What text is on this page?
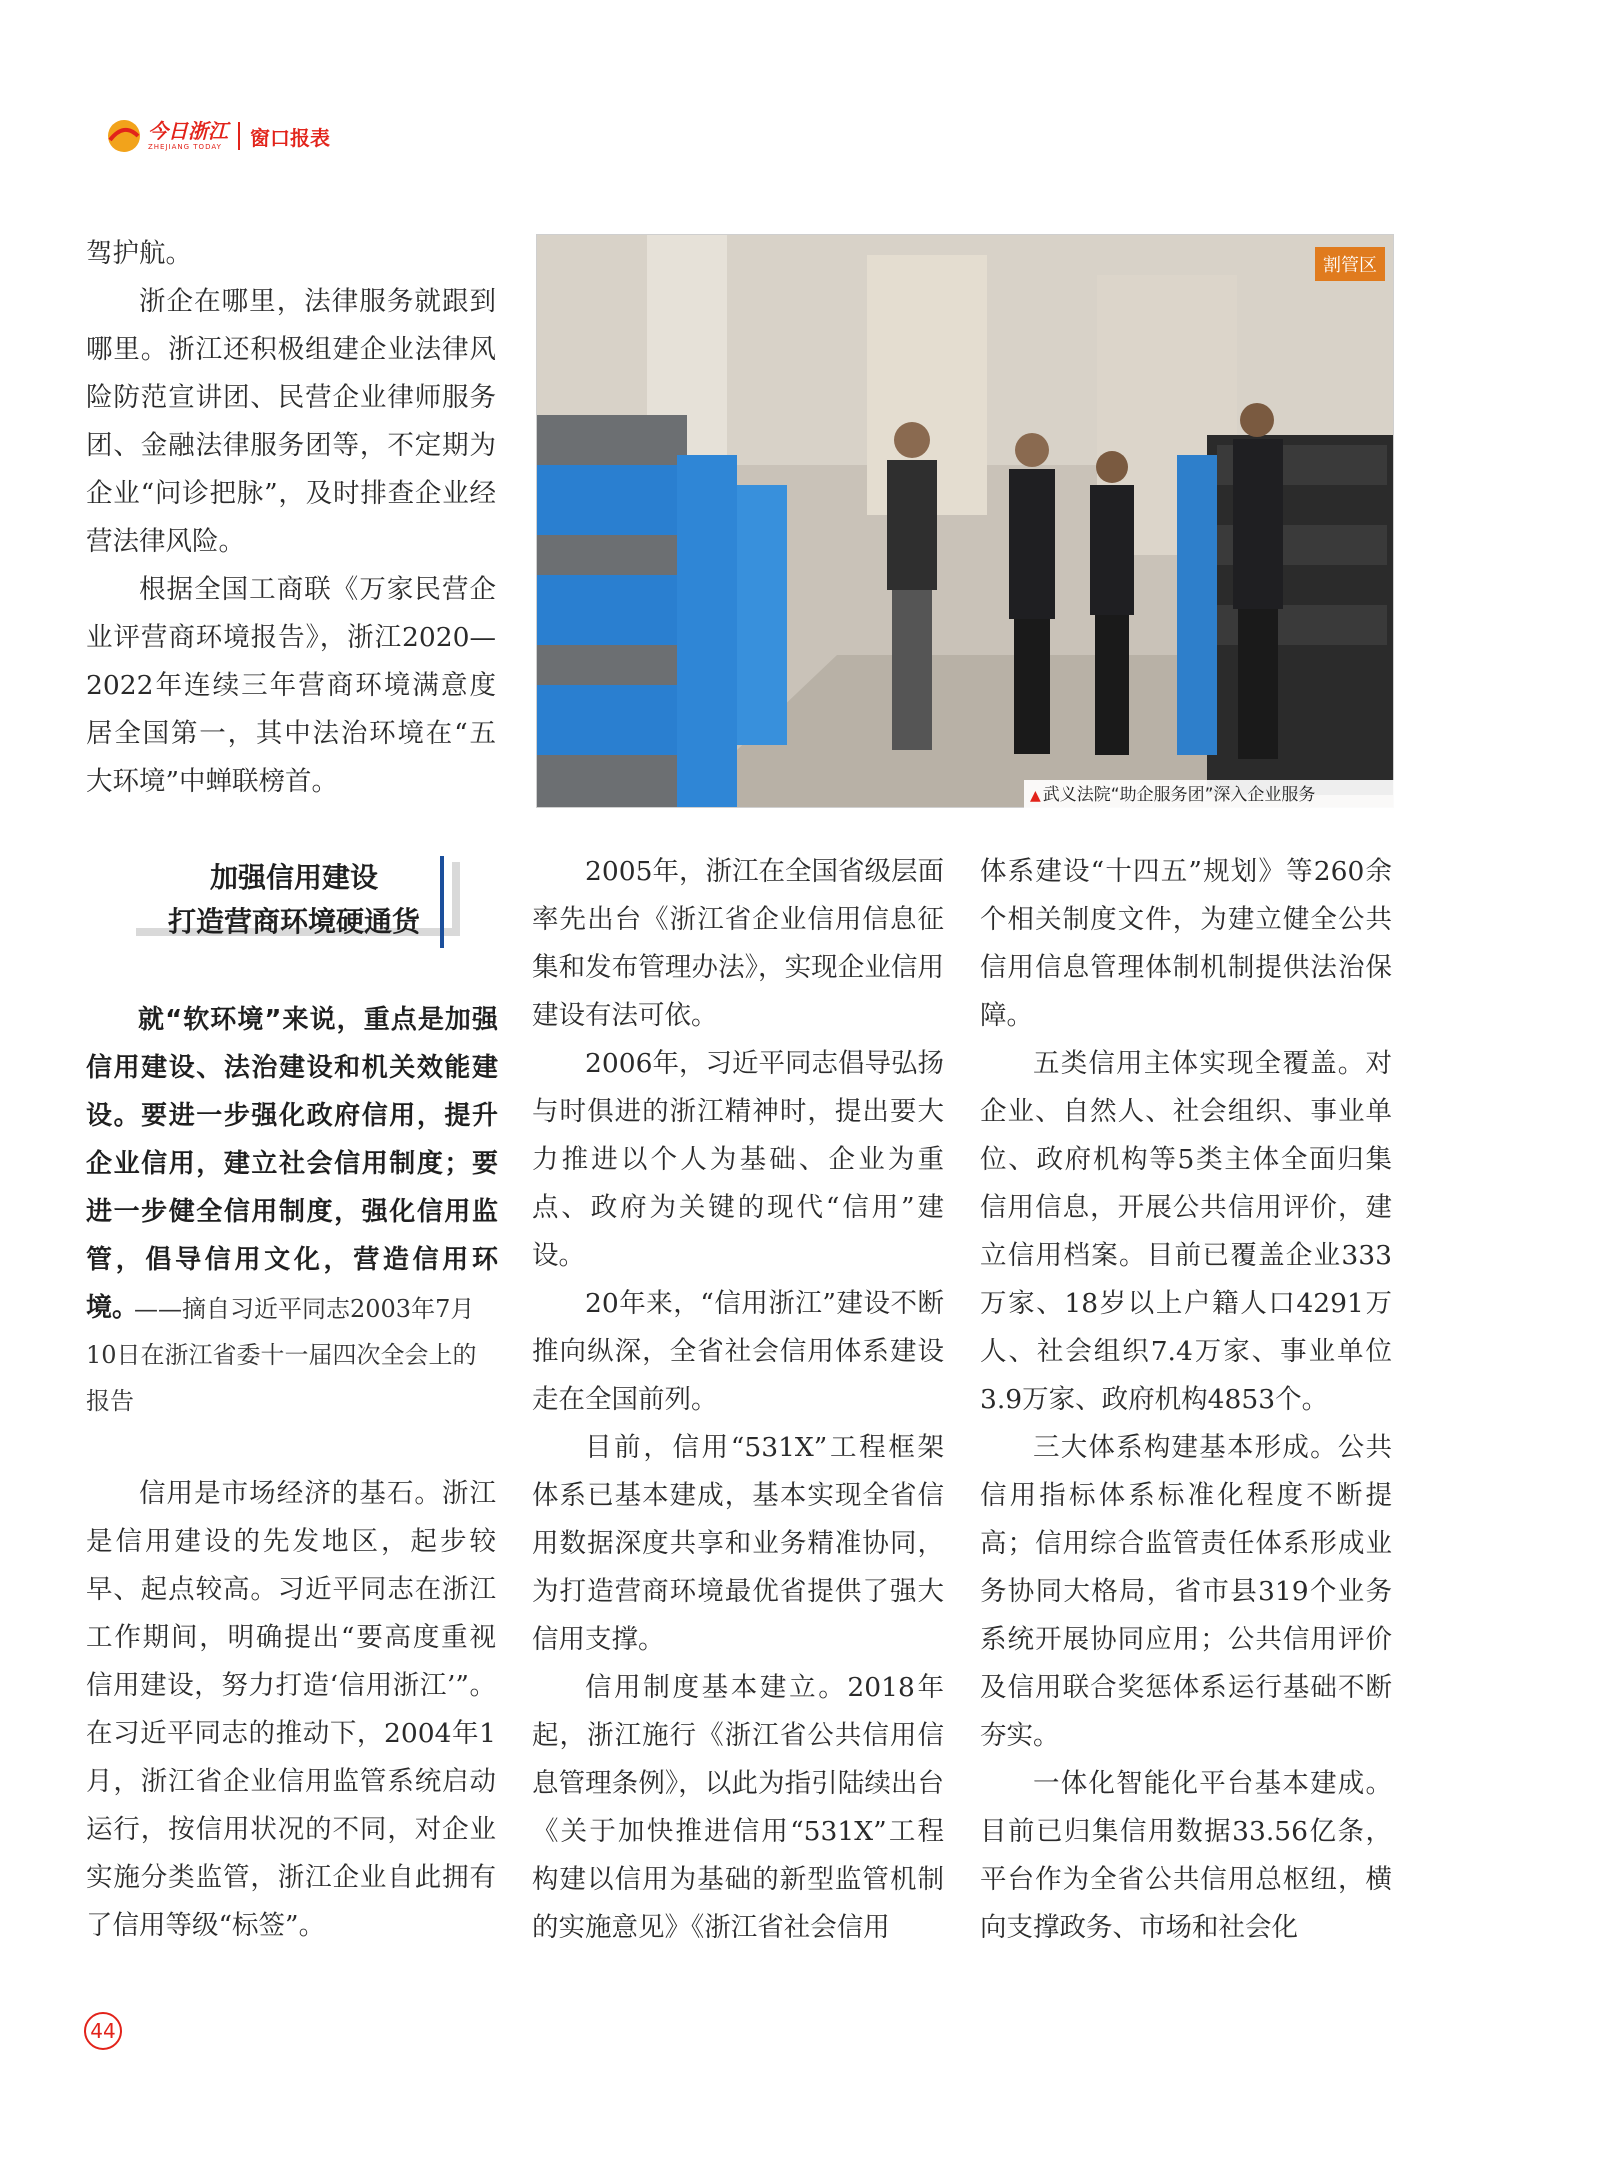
今日浙江
ZHEJIANG TODAY	窗口报表

驾护航。

浙企在哪里，法律服务就跟到哪里。浙江还积极组建企业法律风险防范宣讲团、民营企业律师服务团、金融法律服务团等，不定期为企业“问诊把脉”，及时排查企业经营法律风险。

根据全国工商联《万家民营企业评营商环境报告》，浙江2020—2022年连续三年营商环境满意度居全国第一，其中法治环境在“五大环境”中蝉联榜首。

割管区
▲ 武义法院“助企服务团”深入企业服务
加强信用建设
打造营商环境硬通货
就“软环境”来说，重点是加强信用建设、法治建设和机关效能建设。要进一步强化政府信用，提升企业信用，建立社会信用制度；要进一步健全信用制度，强化信用监管，倡导信用文化，营造信用环境。
——摘自习近平同志2003年7月10日在浙江省委十一届四次全会上的报告

信用是市场经济的基石。浙江是信用建设的先发地区，起步较早、起点较高。习近平同志在浙江工作期间，明确提出“要高度重视信用建设，努力打造‘信用浙江’”。在习近平同志的推动下，2004年1月，浙江省企业信用监管系统启动运行，按信用状况的不同，对企业实施分类监管，浙江企业自此拥有了信用等级“标签”。

2005年，浙江在全国省级层面率先出台《浙江省企业信用信息征集和发布管理办法》，实现企业信用建设有法可依。

2006年，习近平同志倡导弘扬与时俱进的浙江精神时，提出要大力推进以个人为基础、企业为重点、政府为关键的现代“信用”建设。

20年来，“信用浙江”建设不断推向纵深，全省社会信用体系建设走在全国前列。

目前，信用“531X”工程框架体系已基本建成，基本实现全省信用数据深度共享和业务精准协同，为打造营商环境最优省提供了强大信用支撑。

信用制度基本建立。2018年起，浙江施行《浙江省公共信用信息管理条例》，以此为指引陆续出台《关于加快推进信用“531X”工程构建以信用为基础的新型监管机制的实施意见》《浙江省社会信用

体系建设“十四五”规划》等260余个相关制度文件，为建立健全公共信用信息管理体制机制提供法治保障。

五类信用主体实现全覆盖。对企业、自然人、社会组织、事业单位、政府机构等5类主体全面归集信用信息，开展公共信用评价，建立信用档案。目前已覆盖企业333万家、18岁以上户籍人口4291万人、社会组织7.4万家、事业单位3.9万家、政府机构4853个。

三大体系构建基本形成。公共信用指标体系标准化程度不断提高；信用综合监管责任体系形成业务协同大格局，省市县319个业务系统开展协同应用；公共信用评价及信用联合奖惩体系运行基础不断夯实。

一体化智能化平台基本建成。目前已归集信用数据33.56亿条，平台作为全省公共信用总枢纽，横向支撑政务、市场和社会化

44
